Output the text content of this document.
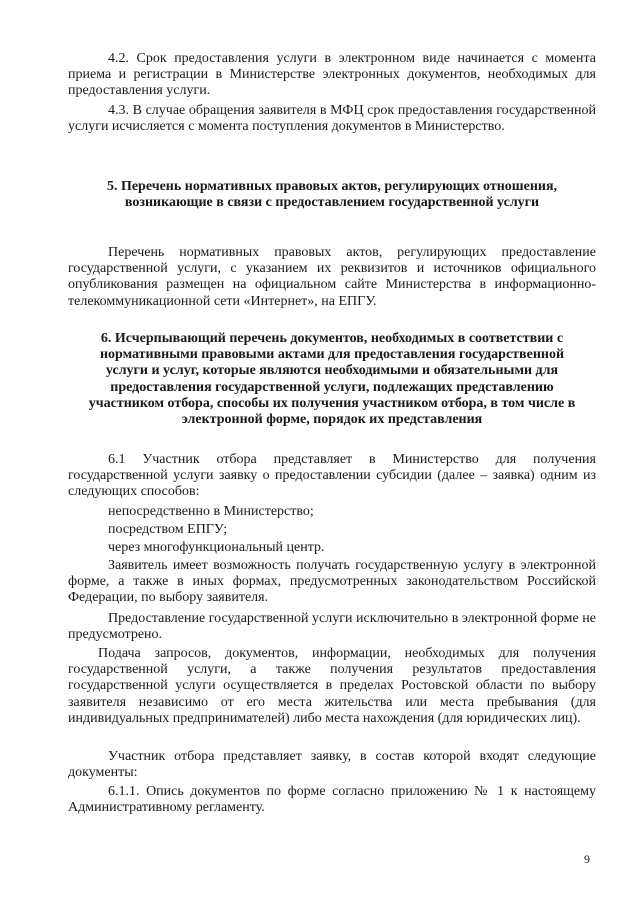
4.2. Срок предоставления услуги в электронном виде начинается с момента приема и регистрации в Министерстве электронных документов, необходимых для предоставления услуги.
4.3. В случае обращения заявителя в МФЦ срок предоставления государственной услуги исчисляется с момента поступления документов в Министерство.
5. Перечень нормативных правовых актов, регулирующих отношения, возникающие в связи с предоставлением государственной услуги
Перечень нормативных правовых актов, регулирующих предоставление государственной услуги, с указанием их реквизитов и источников официального опубликования размещен на официальном сайте Министерства в информационно-телекоммуникационной сети «Интернет», на ЕПГУ.
6. Исчерпывающий перечень документов, необходимых в соответствии с нормативными правовыми актами для предоставления государственной услуги и услуг, которые являются необходимыми и обязательными для предоставления государственной услуги, подлежащих представлению участником отбора, способы их получения участником отбора, в том числе в электронной форме, порядок их представления
6.1 Участник отбора представляет в Министерство для получения государственной услуги заявку о предоставлении субсидии (далее – заявка) одним из следующих способов:
непосредственно в Министерство;
посредством ЕПГУ;
через многофункциональный центр.
Заявитель имеет возможность получать государственную услугу в электронной форме, а также в иных формах, предусмотренных законодательством Российской Федерации, по выбору заявителя.
Предоставление государственной услуги исключительно в электронной форме не предусмотрено.
Подача запросов, документов, информации, необходимых для получения государственной услуги, а также получения результатов предоставления государственной услуги осуществляется в пределах Ростовской области по выбору заявителя независимо от его места жительства или места пребывания (для индивидуальных предпринимателей) либо места нахождения (для юридических лиц).
Участник отбора представляет заявку, в состав которой входят следующие документы:
6.1.1. Опись документов по форме согласно приложению № 1 к настоящему Административному регламенту.
9
